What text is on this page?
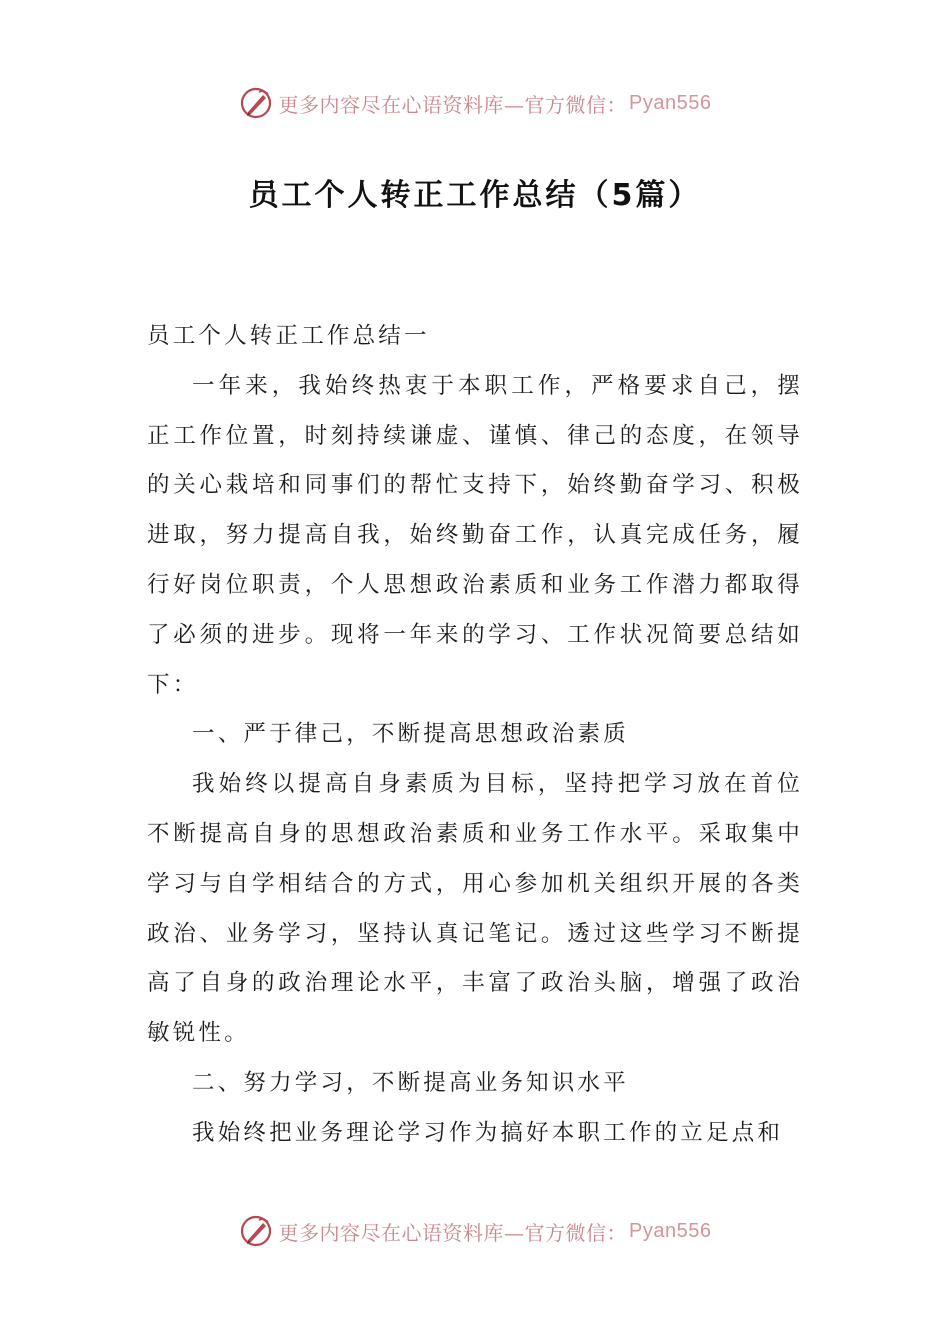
更多内容尽在心语资料库—官方微信： Pyan556
员工个人转正工作总结（5篇）

员工个人转正工作总结一

一年来，我始终热衷于本职工作，严格要求自己，摆正工作位置，时刻持续谦虚、谨慎、律己的态度，在领导的关心栽培和同事们的帮忙支持下，始终勤奋学习、积极进取，努力提高自我，始终勤奋工作，认真完成任务，履行好岗位职责，个人思想政治素质和业务工作潜力都取得了必须的进步。现将一年来的学习、工作状况简要总结如下：

一、严于律己，不断提高思想政治素质

我始终以提高自身素质为目标，坚持把学习放在首位不断提高自身的思想政治素质和业务工作水平。采取集中学习与自学相结合的方式，用心参加机关组织开展的各类政治、业务学习，坚持认真记笔记。透过这些学习不断提高了自身的政治理论水平，丰富了政治头脑，增强了政治敏锐性。

二、努力学习，不断提高业务知识水平

我始终把业务理论学习作为搞好本职工作的立足点和

更多内容尽在心语资料库—官方微信： Pyan556
